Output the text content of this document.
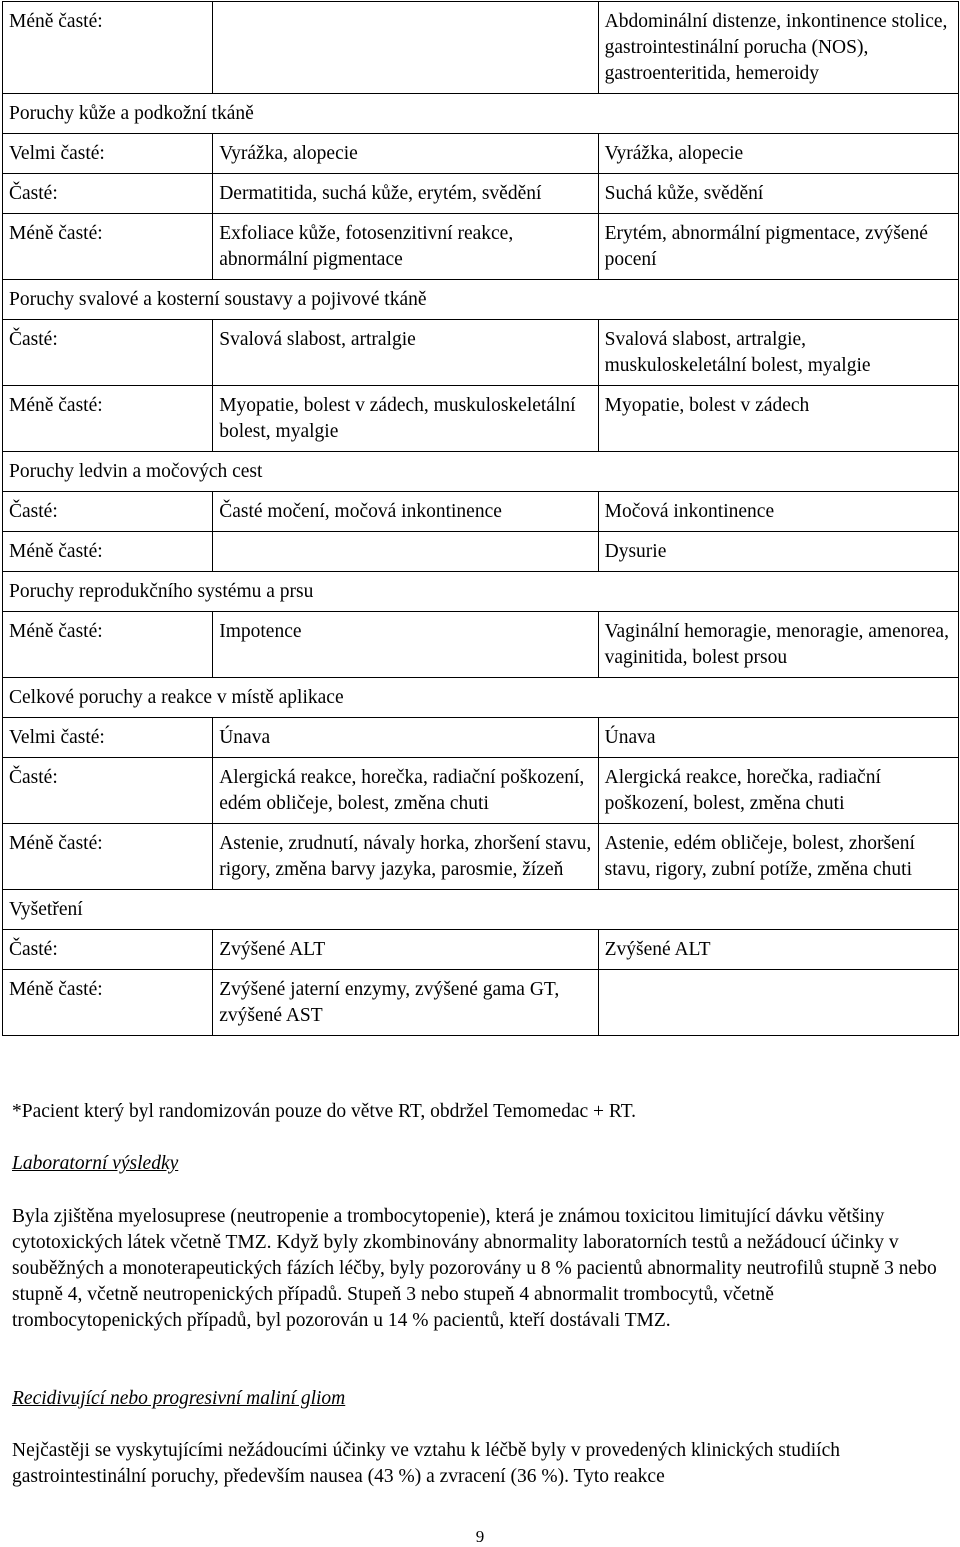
Méně časté:		Abdominální distenze, inkontinence stolice, gastrointestinální porucha (NOS), gastroenteritida, hemeroidy
Poruchy kůže a podkožní tkáně		
Velmi časté:	Vyrážka, alopecie	Vyrážka, alopecie
Časté:	Dermatitida, suchá kůže, erytém, svědění	Suchá kůže, svědění
Méně časté:	Exfoliace kůže, fotosenzitivní reakce, abnormální pigmentace	Erytém, abnormální pigmentace, zvýšené pocení
Poruchy svalové a kosterní soustavy a pojivové tkáně		
Časté:	Svalová slabost, artralgie	Svalová slabost, artralgie, muskuloskeletální bolest, myalgie
Méně časté:	Myopatie, bolest v zádech, muskuloskeletální bolest, myalgie	Myopatie, bolest v zádech
Poruchy ledvin a močových cest		
Časté:	Časté močení, močová inkontinence	Močová inkontinence
Méně časté:		Dysurie
Poruchy reprodukčního systému a prsu		
Méně časté:	Impotence	Vaginální hemoragie, menoragie, amenorea, vaginitida, bolest prsou
Celkové poruchy a reakce v místě aplikace		
Velmi časté:	Únava	Únava
Časté:	Alergická reakce, horečka, radiační poškození, edém obličeje, bolest, změna chuti	Alergická reakce, horečka, radiační poškození, bolest, změna chuti
Méně časté:	Astenie, zrudnutí, návaly horka, zhoršení stavu, rigory, změna barvy jazyka, parosmie, žízeň	Astenie, edém obličeje, bolest, zhoršení stavu, rigory, zubní potíže, změna chuti
Vyšetření		
Časté:	Zvýšené ALT	Zvýšené ALT
Méně časté:	Zvýšené jaterní enzymy, zvýšené gama GT, zvýšené AST	
*Pacient který byl randomizován pouze do větve RT, obdržel Temomedac + RT.
Laboratorní výsledky
Byla zjištěna myelosuprese (neutropenie a trombocytopenie), která je známou toxicitou limitující dávku většiny cytotoxických látek včetně TMZ. Když byly zkombinovány abnormality laboratorních testů a nežádoucí účinky v souběžných a monoterapeutických fázích léčby, byly pozorovány u 8 % pacientů abnormality neutrofilů stupně 3 nebo stupně 4, včetně neutropenických případů. Stupeň 3 nebo stupeň 4 abnormalit trombocytů, včetně trombocytopenických případů, byl pozorován u 14 % pacientů, kteří dostávali TMZ.
Recidivující nebo progresivní maliní gliom
Nejčastěji se vyskytujícími nežádoucími účinky ve vztahu k léčbě byly v provedených klinických studiích gastrointestinální poruchy, především nausea (43 %) a zvracení (36 %). Tyto reakce
9
